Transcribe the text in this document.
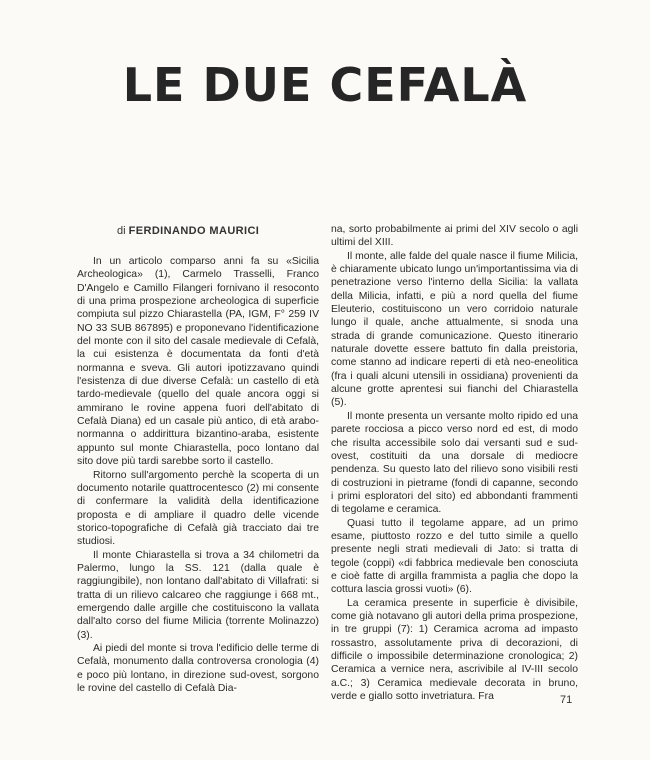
LE DUE CEFALÀ
di FERDINANDO MAURICI

In un articolo comparso anni fa su «Sicilia Archeologica» (1), Carmelo Trasselli, Franco D'Angelo e Camillo Filangeri fornivano il resoconto di una prima prospezione archeologica di superficie compiuta sul pizzo Chiarastella (PA, IGM, F° 259 IV NO 33 SUB 867895) e proponevano l'identificazione del monte con il sito del casale medievale di Cefalà, la cui esistenza è documentata da fonti d'età normanna e sveva. Gli autori ipotizzavano quindi l'esistenza di due diverse Cefalà: un castello di età tardo-medievale (quello del quale ancora oggi si ammirano le rovine appena fuori dell'abitato di Cefalà Diana) ed un casale più antico, di età arabo-normanna o addirittura bizantino-araba, esistente appunto sul monte Chiarastella, poco lontano dal sito dove più tardi sarebbe sorto il castello.

Ritorno sull'argomento perchè la scoperta di un documento notarile quattrocentesco (2) mi consente di confermare la validità della identificazione proposta e di ampliare il quadro delle vicende storico-topografiche di Cefalà già tracciato dai tre studiosi.

Il monte Chiarastella si trova a 34 chilometri da Palermo, lungo la SS. 121 (dalla quale è raggiungibile), non lontano dall'abitato di Villafrati: si tratta di un rilievo calcareo che raggiunge i 668 mt., emergendo dalle argille che costituiscono la vallata dall'alto corso del fiume Milicia (torrente Molinazzo) (3).

Ai piedi del monte si trova l'edificio delle terme di Cefalà, monumento dalla controversa cronologia (4) e poco più lontano, in direzione sud-ovest, sorgono le rovine del castello di Cefalà Dia-

na, sorto probabilmente ai primi del XIV secolo o agli ultimi del XIII.

Il monte, alle falde del quale nasce il fiume Milicia, è chiaramente ubicato lungo un'importantissima via di penetrazione verso l'interno della Sicilia: la vallata della Milicia, infatti, e più a nord quella del fiume Eleuterio, costituiscono un vero corridoio naturale lungo il quale, anche attualmente, si snoda una strada di grande comunicazione. Questo itinerario naturale dovette essere battuto fin dalla preistoria, come stanno ad indicare reperti di età neo-eneolitica (fra i quali alcuni utensili in ossidiana) provenienti da alcune grotte aprentesi sui fianchi del Chiarastella (5).

Il monte presenta un versante molto ripido ed una parete rocciosa a picco verso nord ed est, di modo che risulta accessibile solo dai versanti sud e sud-ovest, costituiti da una dorsale di mediocre pendenza. Su questo lato del rilievo sono visibili resti di costruzioni in pietrame (fondi di capanne, secondo i primi esploratori del sito) ed abbondanti frammenti di tegolame e ceramica.

Quasi tutto il tegolame appare, ad un primo esame, piuttosto rozzo e del tutto simile a quello presente negli strati medievali di Jato: si tratta di tegole (coppi) «di fabbrica medievale ben conosciuta e cioè fatte di argilla frammista a paglia che dopo la cottura lascia grossi vuoti» (6).

La ceramica presente in superficie è divisibile, come già notavano gli autori della prima prospezione, in tre gruppi (7): 1) Ceramica acroma ad impasto rossastro, assolutamente priva di decorazioni, di difficile o impossibile determinazione cronologica; 2) Ceramica a vernice nera, ascrivibile al IV-III secolo a.C.; 3) Ceramica medievale decorata in bruno, verde e giallo sotto invetriatura. Fra	71
